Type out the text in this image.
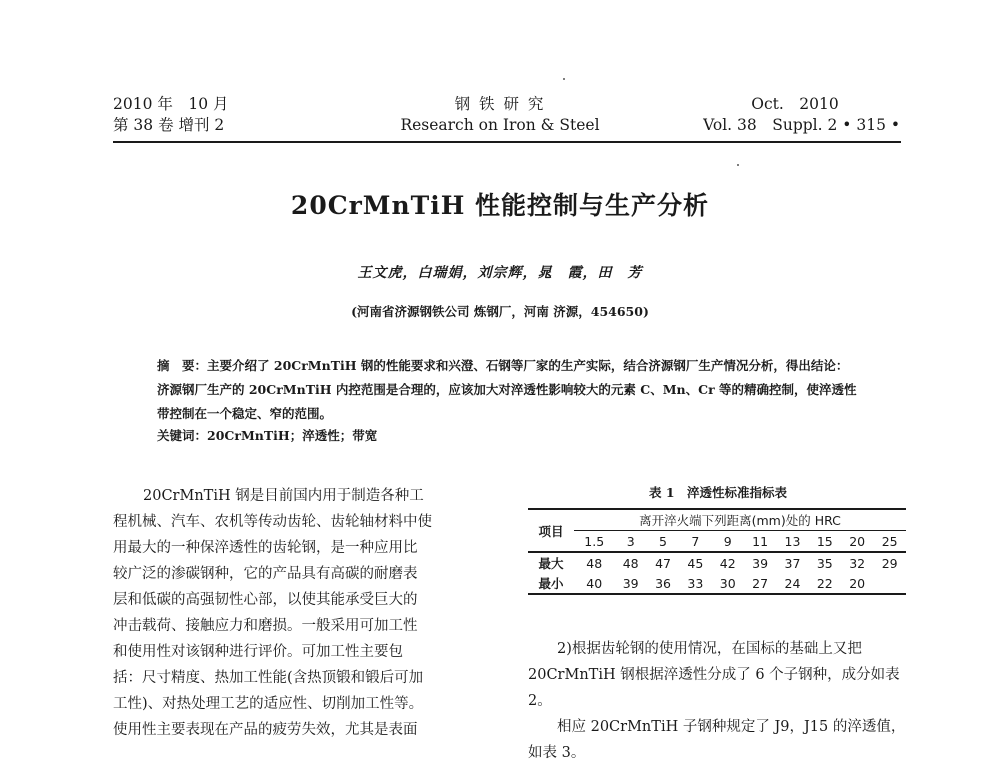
2010 年　10 月
第 38 卷 增刊 2
钢 铁 研 究
Research on Iron & Steel
Oct.　2010
Vol. 38　Suppl. 2 • 315 •
20CrMnTiH 性能控制与生产分析
王文虎，白瑞娟，刘宗辉，晁　霞，田　芳
(河南省济源钢铁公司 炼钢厂，河南 济源，454650)

摘　要：主要介绍了 20CrMnTiH 钢的性能要求和兴澄、石钢等厂家的生产实际，结合济源钢厂生产情况分析，得出结论：济源钢厂生产的 20CrMnTiH 内控范围是合理的，应该加大对淬透性影响较大的元素 C、Mn、Cr 等的精确控制，使淬透性带控制在一个稳定、窄的范围。

关键词：20CrMnTiH；淬透性；带宽
20CrMnTiH 钢是目前国内用于制造各种工
程机械、汽车、农机等传动齿轮、齿轮轴材料中使
用最大的一种保淬透性的齿轮钢，是一种应用比
较广泛的渗碳钢种，它的产品具有高碳的耐磨表
层和低碳的高强韧性心部，以使其能承受巨大的
冲击载荷、接触应力和磨损。一般采用可加工性
和使用性对该钢种进行评价。可加工性主要包
括：尺寸精度、热加工性能(含热顶锻和锻后可加
工性)、对热处理工艺的适应性、切削加工性等。
使用性主要表现在产品的疲劳失效，尤其是表面
表 1　淬透性标准指标表
项目	离开淬火端下列距离(mm)处的 HRC									
	1.5	3	5	7	9	11	13	15	20	25
最大	48	48	47	45	42	39	37	35	32	29
最小	40	39	36	33	30	27	24	22	20	

2)根据齿轮钢的使用情况，在国标的基础上又把 20CrMnTiH 钢根据淬透性分成了 6 个子钢种，成分如表 2。

相应 20CrMnTiH 子钢种规定了 J9，J15 的淬透值，如表 3。
